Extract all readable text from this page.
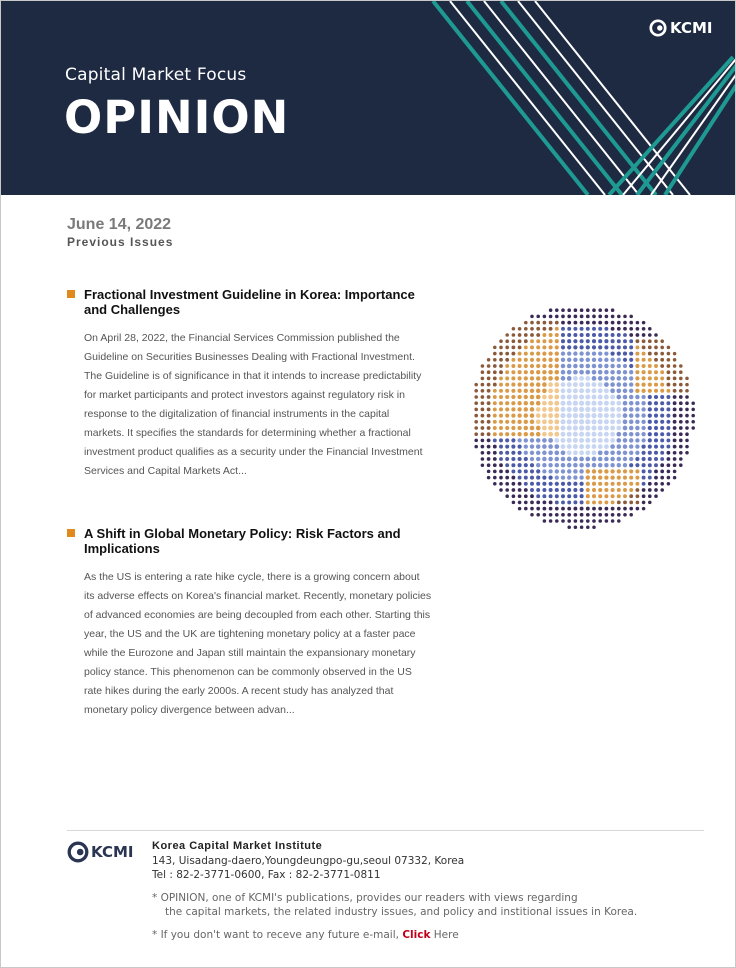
Capital Market Focus
OPINION
KCMI
June 14, 2022
Previous Issues
Fractional Investment Guideline in Korea: Importance and Challenges
On April 28, 2022, the Financial Services Commission published the Guideline on Securities Businesses Dealing with Fractional Investment. The Guideline is of significance in that it intends to increase predictability for market participants and protect investors against regulatory risk in response to the digitalization of financial instruments in the capital markets. It specifies the standards for determining whether a fractional investment product qualifies as a security under the Financial Investment Services and Capital Markets Act...
A Shift in Global Monetary Policy: Risk Factors and Implications
As the US is entering a rate hike cycle, there is a growing concern about its adverse effects on Korea's financial market. Recently, monetary policies of advanced economies are being decoupled from each other. Starting this year, the US and the UK are tightening monetary policy at a faster pace while the Eurozone and Japan still maintain the expansionary monetary policy stance. This phenomenon can be commonly observed in the US rate hikes during the early 2000s. A recent study has analyzed that monetary policy divergence between advan...
KCMI Korea Capital Market Institute
143, Uisadang-daero,Youngdeungpo-gu,seoul 07332, Korea
Tel : 82-2-3771-0600, Fax : 82-2-3771-0811
* OPINION, one of KCMI's publications, provides our readers with views regarding
the capital markets, the related industry issues, and policy and institional issues in Korea.
* If you don't want to receve any future e-mail, Click Here
